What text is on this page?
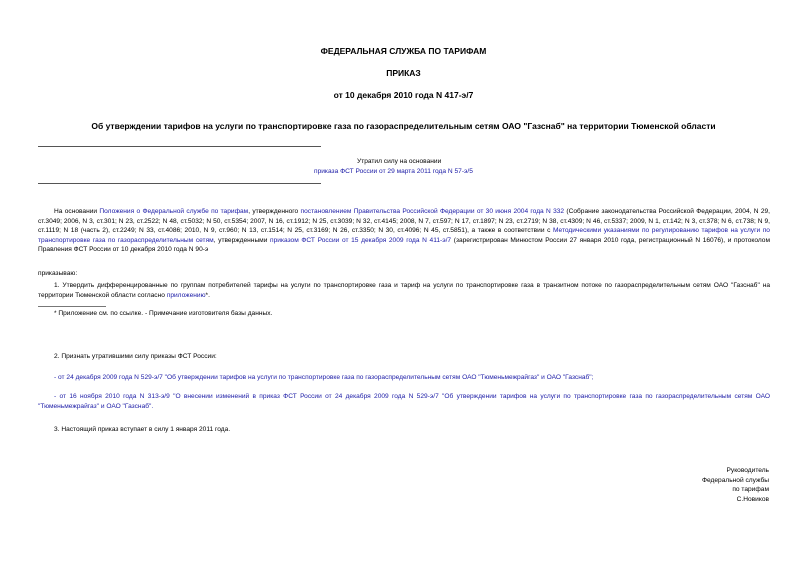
ФЕДЕРАЛЬНАЯ СЛУЖБА ПО ТАРИФАМ
ПРИКАЗ
от 10 декабря 2010 года N 417-э/7
Об утверждении тарифов на услуги по транспортировке газа по газораспределительным сетям ОАО "Газснаб" на территории Тюменской области
Утратил силу на основании
приказа ФСТ России от 29 марта 2011 года N 57-э/5
На основании Положения о Федеральной службе по тарифам, утвержденного постановлением Правительства Российской Федерации от 30 июня 2004 года N 332 (Собрание законодательства Российской Федерации, 2004, N 29, ст.3049; 2006, N 3, ст.301; N 23, ст.2522; N 48, ст.5032; N 50, ст.5354; 2007, N 16, ст.1912; N 25, ст.3039; N 32, ст.4145; 2008, N 7, ст.597; N 17, ст.1897; N 23, ст.2719; N 38, ст.4309; N 46, ст.5337; 2009, N 1, ст.142; N 3, ст.378; N 6, ст.738; N 9, ст.1119; N 18 (часть 2), ст.2249; N 33, ст.4086; 2010, N 9, ст.960; N 13, ст.1514; N 25, ст.3169; N 26, ст.3350; N 30, ст.4096; N 45, ст.5851), а также в соответствии с Методическими указаниями по регулированию тарифов на услуги по транспортировке газа по газораспределительным сетям, утвержденными приказом ФСТ России от 15 декабря 2009 года N 411-э/7 (зарегистрирован Минюстом России 27 января 2010 года, регистрационный N 16076), и протоколом Правления ФСТ России от 10 декабря 2010 года N 90-э
приказываю:
1. Утвердить дифференцированные по группам потребителей тарифы на услуги по транспортировке газа и тариф на услуги по транспортировке газа в транзитном потоке по газораспределительным сетям ОАО "Газснаб" на территории Тюменской области согласно приложению*.
* Приложение см. по ссылке. - Примечание изготовителя базы данных.
2. Признать утратившими силу приказы ФСТ России:
- от 24 декабря 2009 года N 529-э/7 "Об утверждении тарифов на услуги по транспортировке газа по газораспределительным сетям ОАО "Тюменьмежрайгаз" и ОАО "Газснаб";
- от 16 ноября 2010 года N 313-э/9 "О внесении изменений в приказ ФСТ России от 24 декабря 2009 года N 529-э/7 "Об утверждении тарифов на услуги по транспортировке газа по газораспределительным сетям ОАО "Тюменьмежрайгаз" и ОАО "Газснаб".
3. Настоящий приказ вступает в силу 1 января 2011 года.
Руководитель
Федеральной службы
по тарифам
С.Новиков
